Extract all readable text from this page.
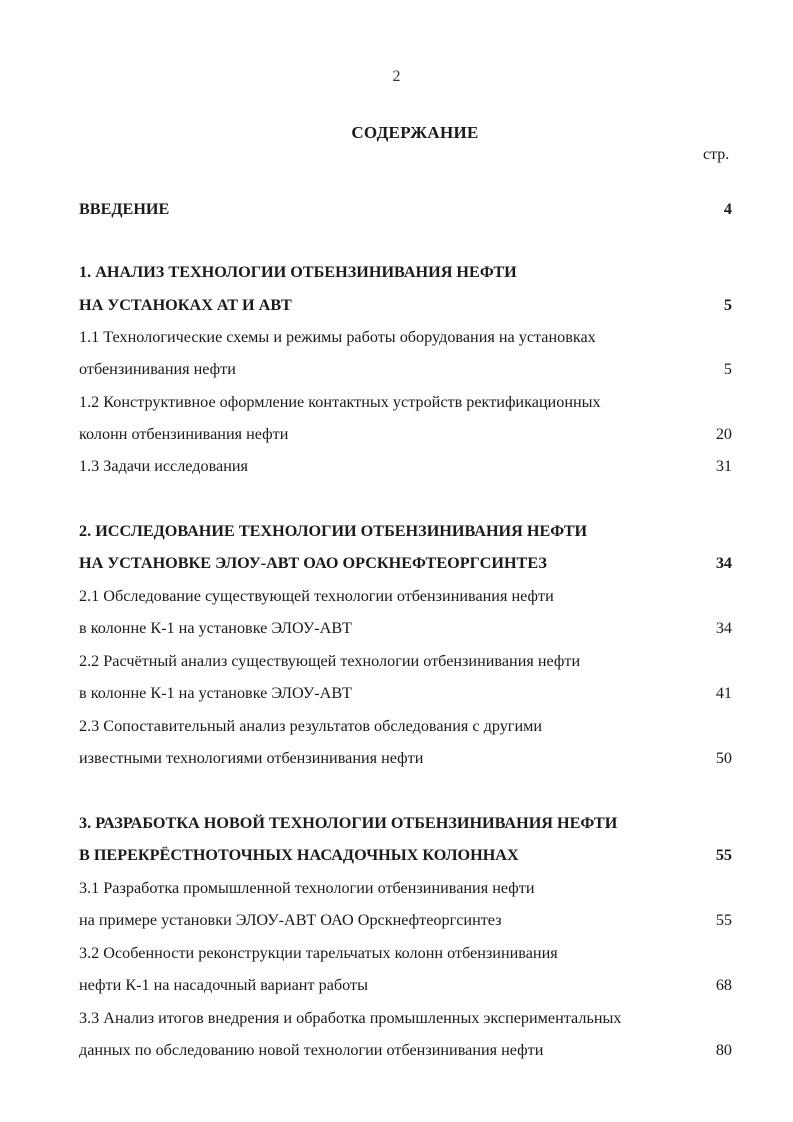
2
СОДЕРЖАНИЕ
стр.
ВВЕДЕНИЕ	4
1. АНАЛИЗ ТЕХНОЛОГИИ ОТБЕНЗИНИВАНИЯ НЕФТИ
НА УСТАНОКАХ АТ И АВТ	5
1.1 Технологические схемы и режимы работы оборудования на установках
отбензинивания нефти	5
1.2 Конструктивное оформление контактных устройств ректификационных
колонн отбензинивания нефти	20
1.3 Задачи исследования	31
2. ИССЛЕДОВАНИЕ ТЕХНОЛОГИИ ОТБЕНЗИНИВАНИЯ НЕФТИ
НА УСТАНОВКЕ ЭЛОУ-АВТ ОАО ОРСКНЕФТЕОРГСИНТЕЗ	34
2.1 Обследование существующей технологии отбензинивания нефти
в колонне К-1 на установке ЭЛОУ-АВТ	34
2.2 Расчётный анализ существующей технологии отбензинивания нефти
в колонне К-1 на установке ЭЛОУ-АВТ	41
2.3 Сопоставительный анализ результатов обследования с другими
известными технологиями отбензинивания нефти	50
3. РАЗРАБОТКА НОВОЙ ТЕХНОЛОГИИ ОТБЕНЗИНИВАНИЯ НЕФТИ
В ПЕРЕКРЁСТНОТОЧНЫХ НАСАДОЧНЫХ КОЛОННАХ	55
3.1 Разработка промышленной технологии отбензинивания нефти
на примере установки ЭЛОУ-АВТ ОАО Орскнефтеоргсинтез	55
3.2 Особенности реконструкции тарельчатых колонн отбензинивания
нефти К-1 на насадочный вариант работы	68
3.3 Анализ итогов внедрения и обработка промышленных экспериментальных
данных по обследованию новой технологии отбензинивания нефти	80
